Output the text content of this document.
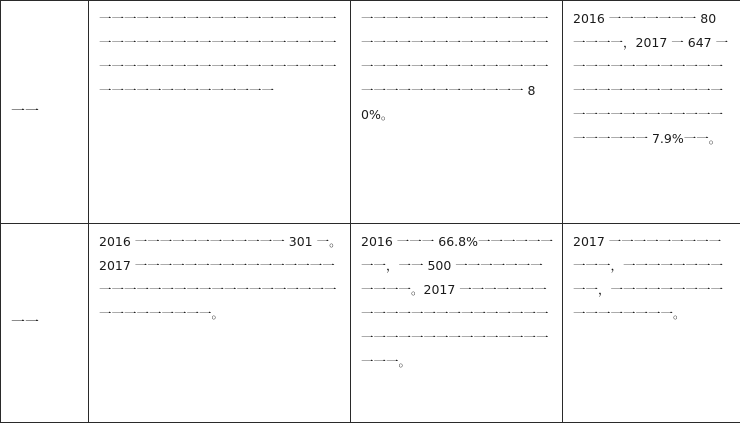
一一	一一一一一一一一一一一一一一一一一一一一一一一一一一一一一一一一一一一一一一一一一一一一一一一一一一一一一一一一一一一一一一一一一一一一一一一	一一一一一一一一一一一一一一一一一一一一一一一一一一一一一一一一一一一一一一一一一一一一一一一一一一一一一一一一一一 80%。	2016 一一一一一一一 80 一一一一，2017 一 647 一一一一一一一一一一一一一一一一一一一一一一一一一一一一一一一一一一一一一一一一一一一 7.9%一一。
一一	2016 一一一一一一一一一一一一 301 一。2017 一一一一一一一一一一一一一一一一一一一一一一一一一一一一一一一一一一一一一一一一一一一一。	2016 一一一 66.8%一一一一一一一一，一一 500 一一一一一一一一一一一。2017 一一一一一一一一一一一一一一一一一一一一一一一一一一一一一一一一一一一一一一一一。	2017 一一一一一一一一一一一一，一一一一一一一一一一，一一一一一一一一一一一一一一一一一。
